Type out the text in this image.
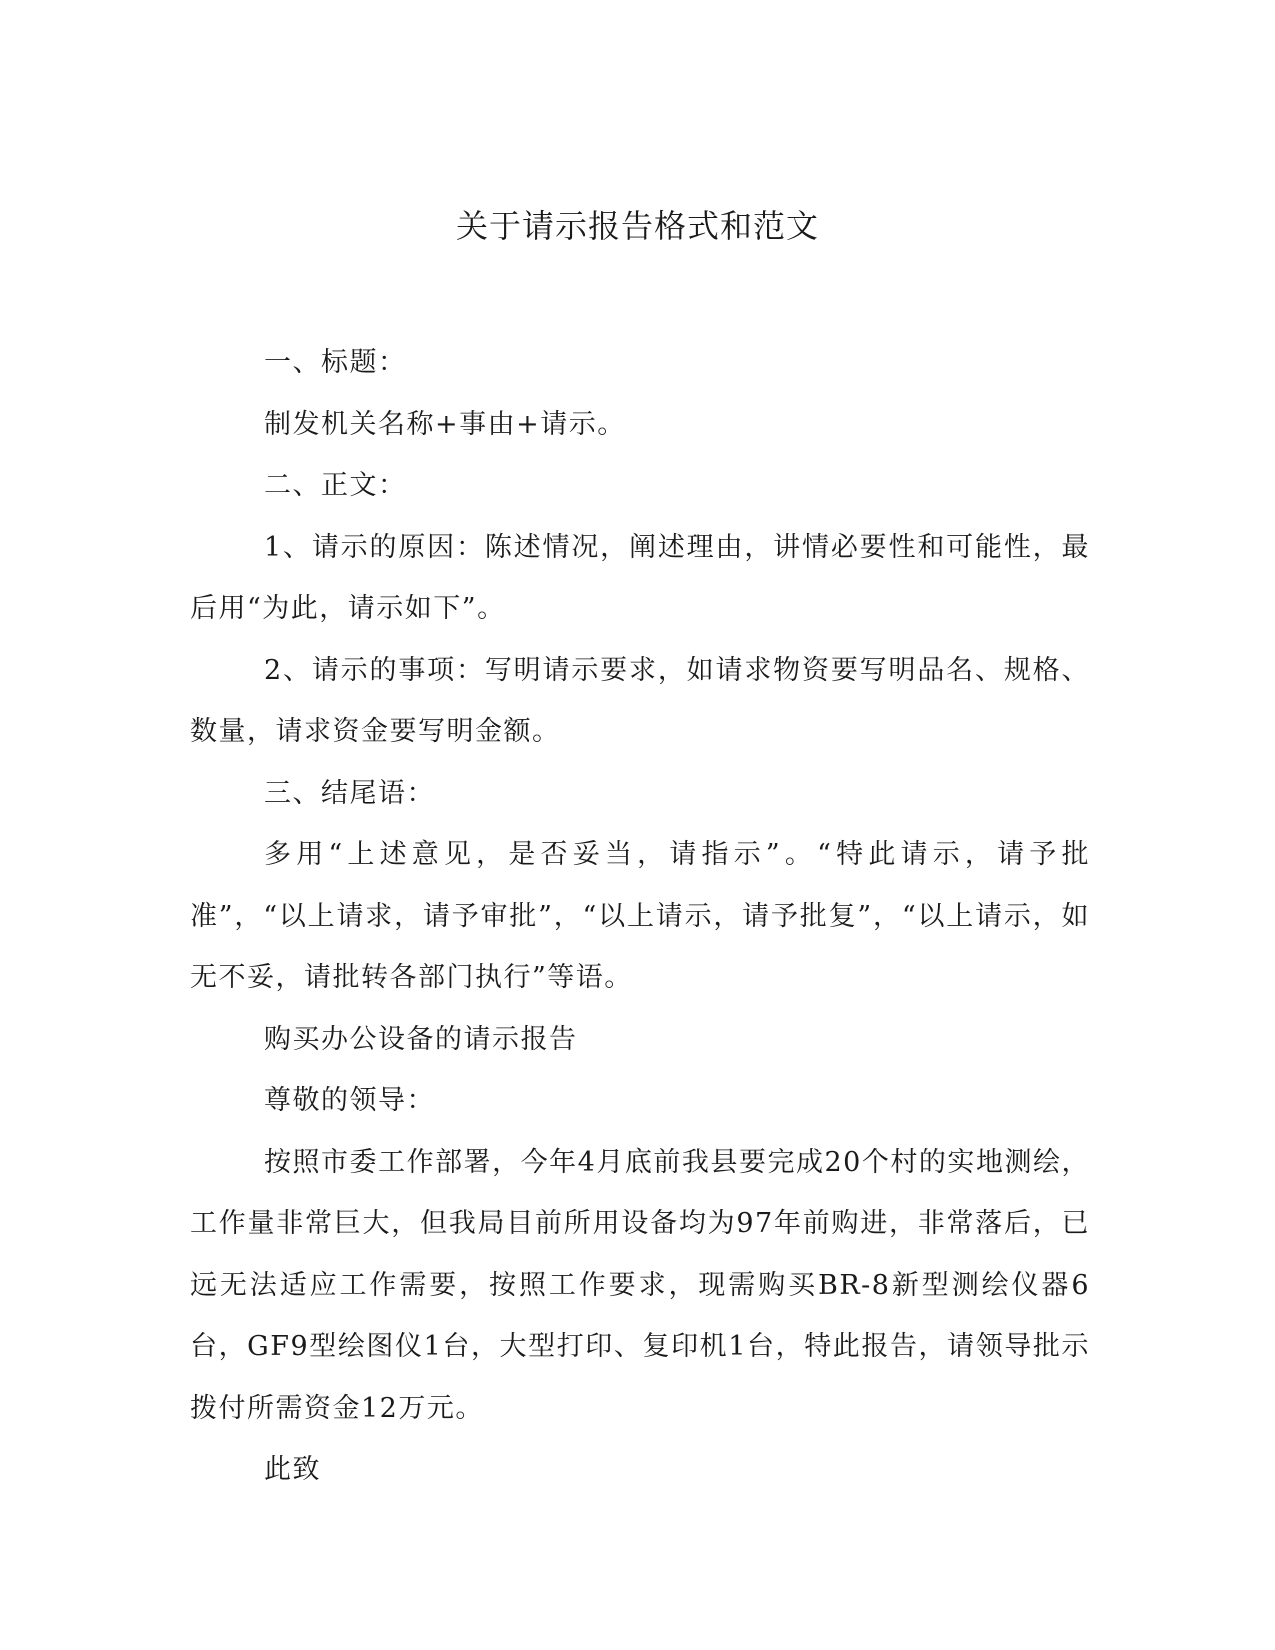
关于请示报告格式和范文

一、标题：

制发机关名称+事由+请示。

二、正文：

1、请示的原因：陈述情况，阐述理由，讲情必要性和可能性，最后用“为此，请示如下”。

2、请示的事项：写明请示要求，如请求物资要写明品名、规格、数量，请求资金要写明金额。

三、结尾语：

多用“上述意见，是否妥当，请指示”。“特此请示，请予批准”，“以上请求，请予审批”，“以上请示，请予批复”，“以上请示，如无不妥，请批转各部门执行”等语。

购买办公设备的请示报告

尊敬的领导：

按照市委工作部署，今年4月底前我县要完成20个村的实地测绘，工作量非常巨大，但我局目前所用设备均为97年前购进，非常落后，已远无法适应工作需要，按照工作要求，现需购买BR-8新型测绘仪器6台，GF9型绘图仪1台，大型打印、复印机1台，特此报告，请领导批示拨付所需资金12万元。

此致
